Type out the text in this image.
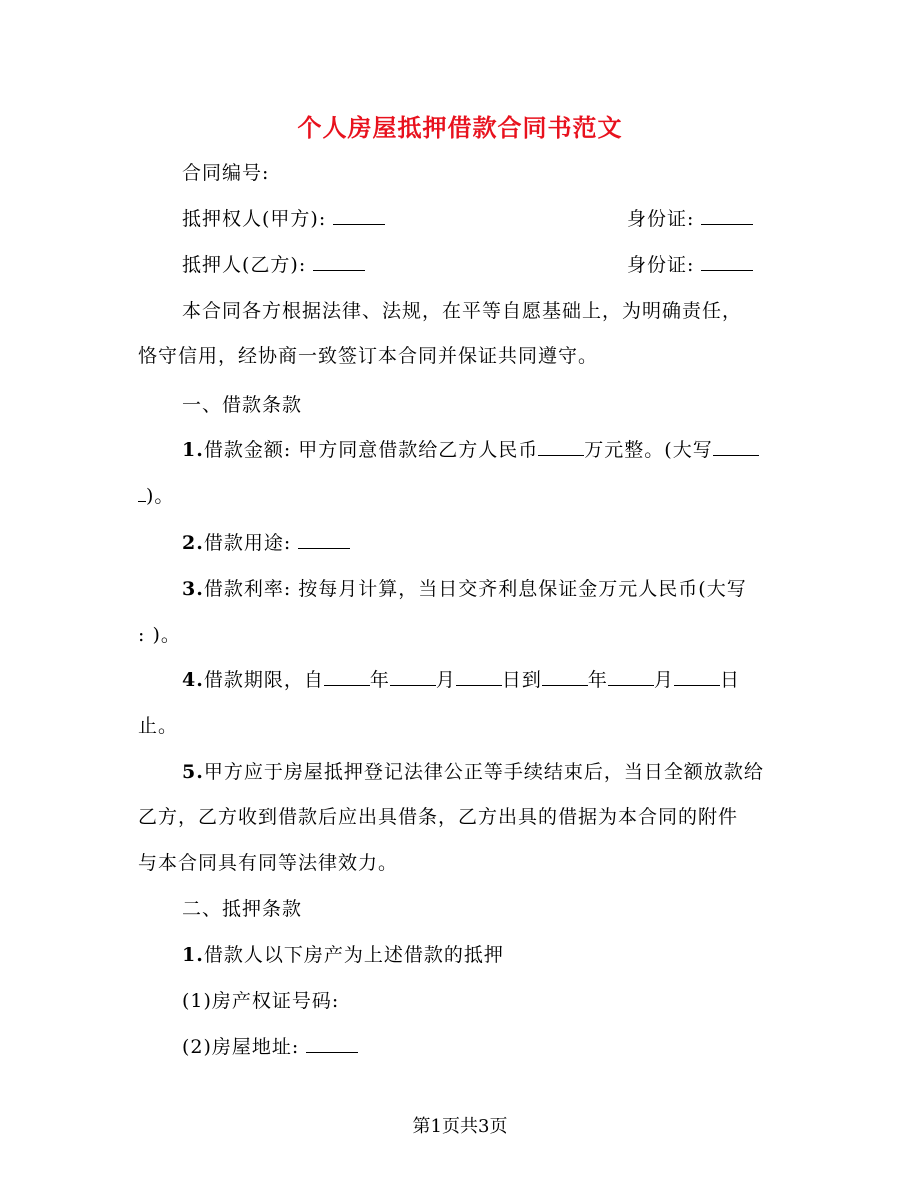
个人房屋抵押借款合同书范文
合同编号:
抵押权人(甲方):	身份证:
抵押人(乙方):	身份证:
本合同各方根据法律、法规，在平等自愿基础上，为明确责任，
恪守信用，经协商一致签订本合同并保证共同遵守。
一、借款条款
1.借款金额: 甲方同意借款给乙方人民币 万元整。(大写
)。
2.借款用途:
3.借款利率: 按每月计算，当日交齐利息保证金万元人民币(大写
: )。
4.借款期限，自 年 月 日到 年 月 日
止。
5.甲方应于房屋抵押登记法律公正等手续结束后，当日全额放款给
乙方，乙方收到借款后应出具借条，乙方出具的借据为本合同的附件
与本合同具有同等法律效力。
二、抵押条款
1.借款人以下房产为上述借款的抵押
(1)房产权证号码:
(2)房屋地址:
第1页共3页
